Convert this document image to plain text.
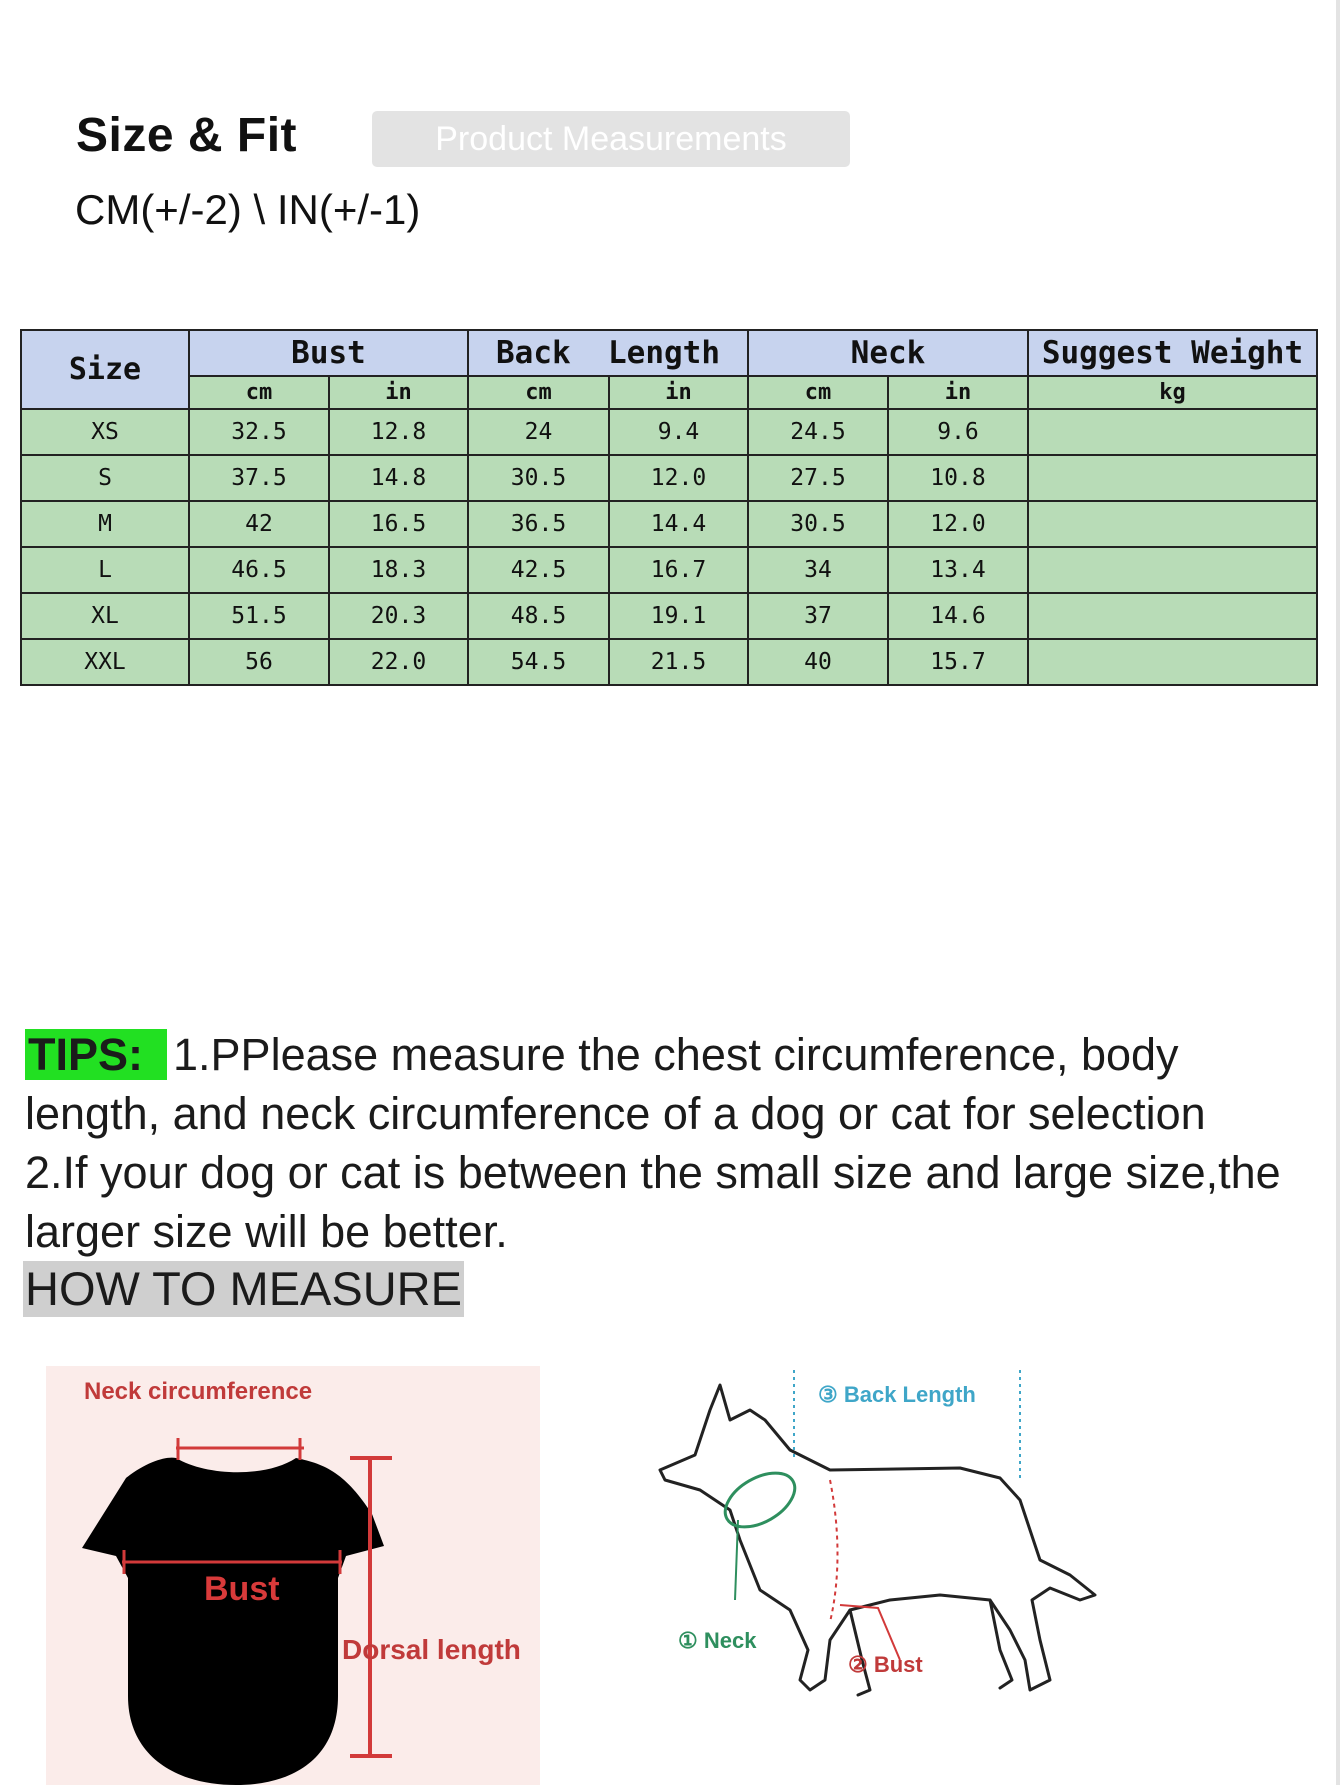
Size & Fit	Product Measurements
CM(+/-2) \ IN(+/-1)
Size	Bust		Back  Length		Neck		Suggest Weight
	cm	in	cm	in	cm	in	kg
XS	32.5	12.8	24	9.4	24.5	9.6	
S	37.5	14.8	30.5	12.0	27.5	10.8	
M	42	16.5	36.5	14.4	30.5	12.0	
L	46.5	18.3	42.5	16.7	34	13.4	
XL	51.5	20.3	48.5	19.1	37	14.6	
XXL	56	22.0	54.5	21.5	40	15.7	
TIPS: 1.PPlease measure the chest circumference, body length, and neck circumference of a dog or cat for selection
2.If your dog or cat is between the small size and large size,the larger size will be better.
HOW TO MEASURE
Neck circumference
Bust
Dorsal length
③ Back Length
① Neck
② Bust
